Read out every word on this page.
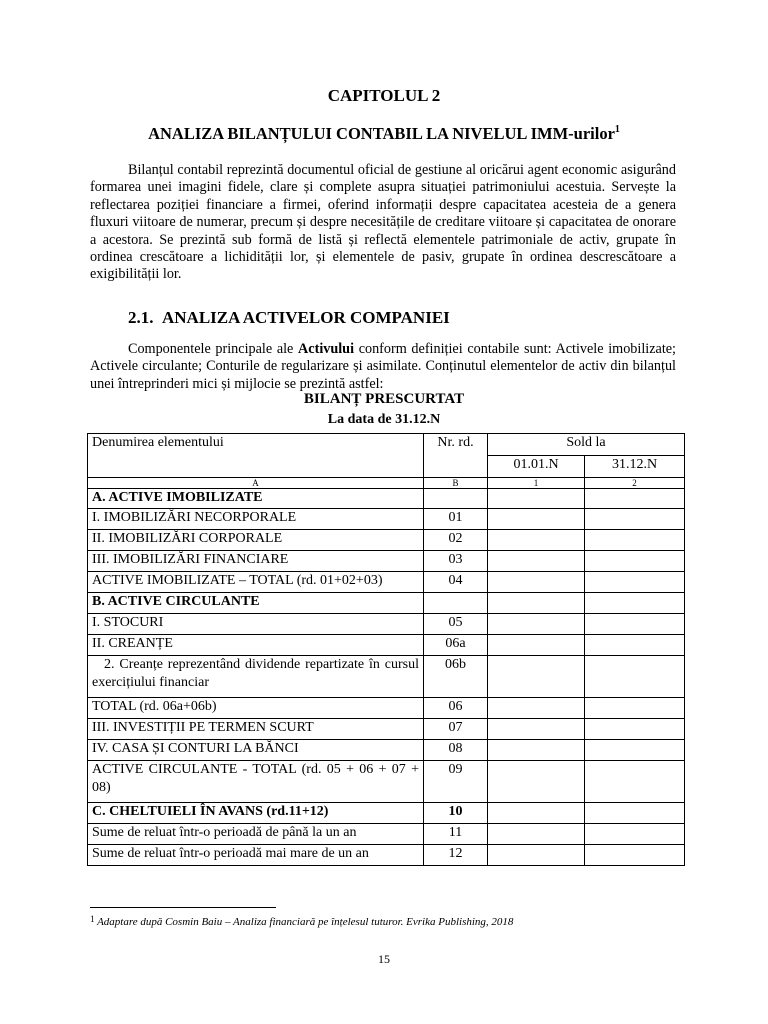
CAPITOLUL 2
ANALIZA BILANȚULUI CONTABIL LA NIVELUL IMM-urilor$^1$
Bilanțul contabil reprezintă documentul oficial de gestiune al oricărui agent economic asigurând formarea unei imagini fidele, clare și complete asupra situației patrimoniului acestuia. Servește la reflectarea poziției financiare a firmei, oferind informații despre capacitatea acesteia de a genera fluxuri viitoare de numerar, precum și despre necesitățile de creditare viitoare și capacitatea de onorare a acestora. Se prezintă sub formă de listă și reflectă elementele patrimoniale de activ, grupate în ordinea crescătoare a lichidității lor, și elementele de pasiv, grupate în ordinea descrescătoare a exigibilității lor.
2.1. ANALIZA ACTIVELOR COMPANIEI
Componentele principale ale Activului conform definiției contabile sunt: Activele imobilizate; Activele circulante; Conturile de regularizare și asimilate. Conținutul elementelor de activ din bilanțul unei întreprinderi mici și mijlocie se prezintă astfel:
BILANȚ PRESCURTAT
La data de 31.12.N
Denumirea elementului	Nr. rd.	Sold la	
		01.01.N	31.12.N
A	B	1	2
A. ACTIVE IMOBILIZATE			
I. IMOBILIZĂRI NECORPORALE	01		
II. IMOBILIZĂRI CORPORALE	02		
III. IMOBILIZĂRI FINANCIARE	03		
ACTIVE IMOBILIZATE – TOTAL (rd. 01+02+03)	04		
B. ACTIVE CIRCULANTE			
I. STOCURI	05		
II. CREANȚE	06a		
2. Creanțe reprezentând dividende repartizate în cursul exercițiului financiar	06b		
TOTAL (rd. 06a+06b)	06		
III. INVESTIȚII PE TERMEN SCURT	07		
IV. CASA ȘI CONTURI LA BĂNCI	08		
ACTIVE CIRCULANTE - TOTAL (rd. 05 + 06 + 07 + 08)	09		
C. CHELTUIELI ÎN AVANS (rd.11+12)	10		
Sume de reluat într-o perioadă de până la un an	11		
Sume de reluat într-o perioadă mai mare de un an	12		
$^1$ Adaptare după Cosmin Baiu – Analiza financiară pe înțelesul tuturor. Evrika Publishing, 2018
15
